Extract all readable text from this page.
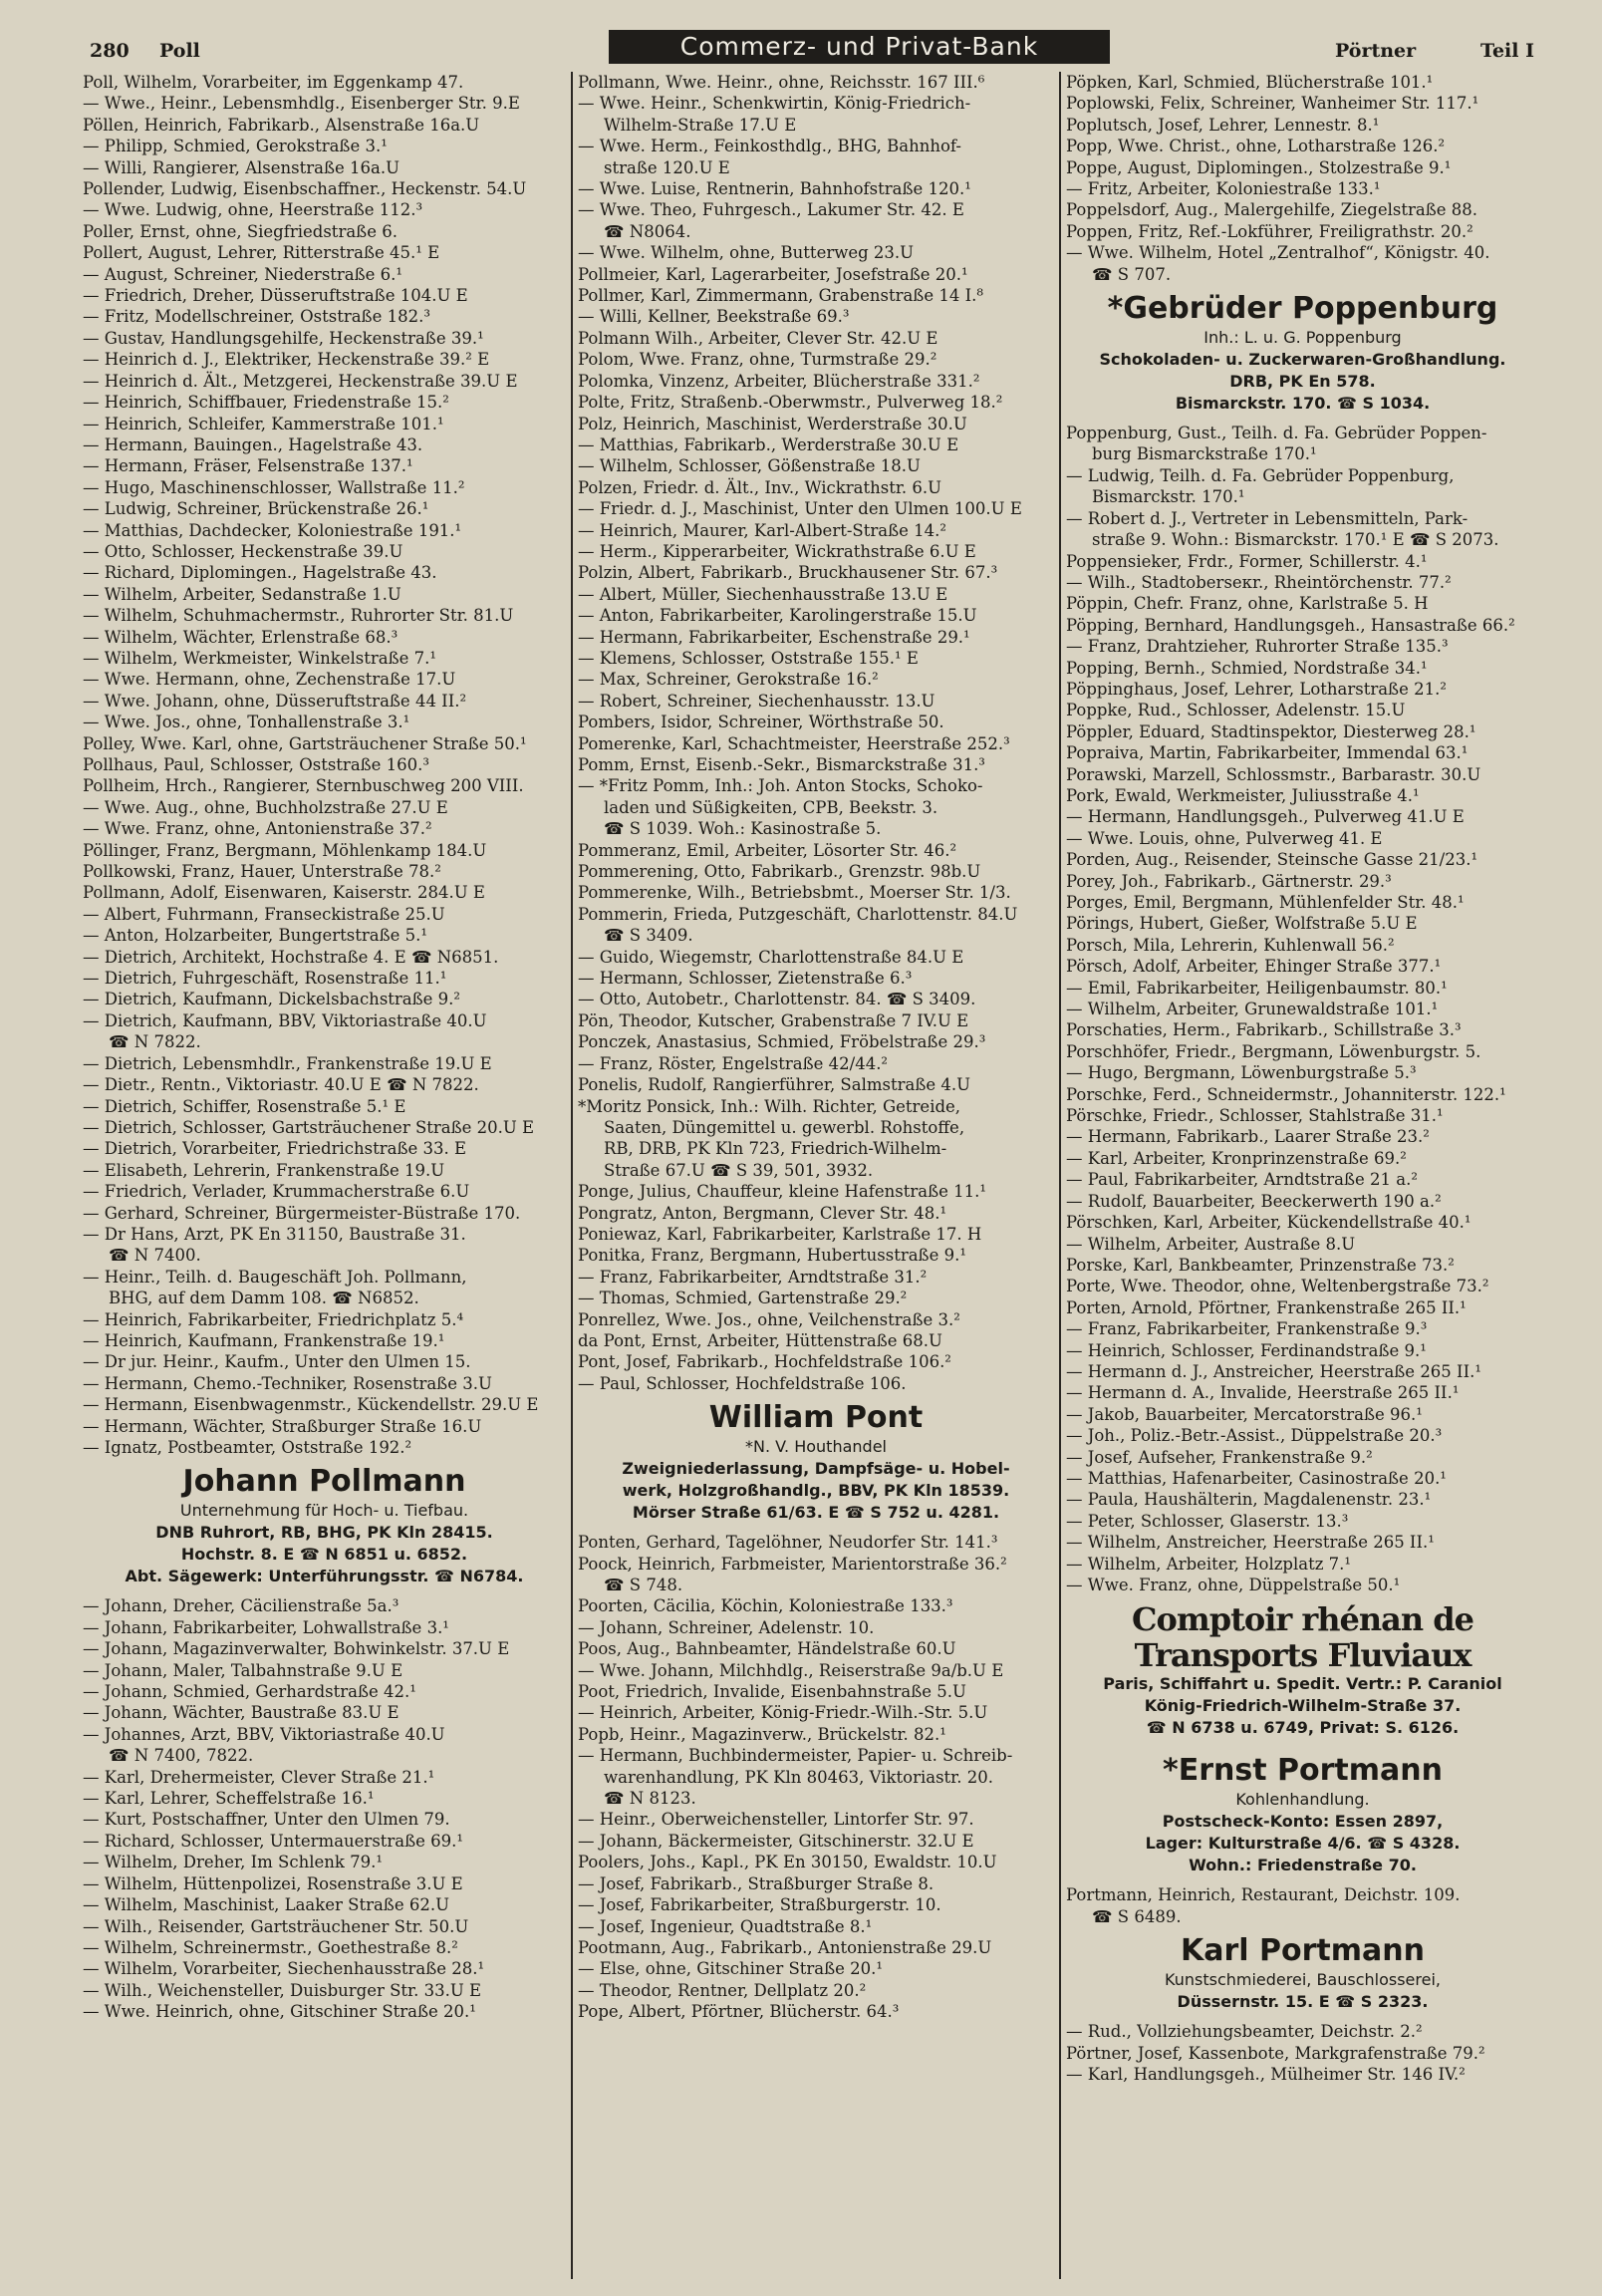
280 Poll	Commerz- und Privat-Bank	Pörtner	Teil I
Poll, Wilhelm, Vorarbeiter, im Eggenkamp 47.
— Wwe., Heinr., Lebensmhdlg., Eisenberger Str. 9.E
Pöllen, Heinrich, Fabrikarb., Alsenstraße 16a.U
— Philipp, Schmied, Gerokstraße 3.¹
— Willi, Rangierer, Alsenstraße 16a.U
Pollender, Ludwig, Eisenbschaffner., Heckenstr. 54.U
— Wwe. Ludwig, ohne, Heerstraße 112.³
Poller, Ernst, ohne, Siegfriedstraße 6.
Pollert, August, Lehrer, Ritterstraße 45.¹ E
— August, Schreiner, Niederstraße 6.¹
— Friedrich, Dreher, Düsseruftstraße 104.U E
— Fritz, Modellschreiner, Oststraße 182.³
— Gustav, Handlungsgehilfe, Heckenstraße 39.¹
— Heinrich d. J., Elektriker, Heckenstraße 39.² E
— Heinrich d. Ält., Metzgerei, Heckenstraße 39.U E
— Heinrich, Schiffbauer, Friedenstraße 15.²
— Heinrich, Schleifer, Kammerstraße 101.¹
— Hermann, Bauingen., Hagelstraße 43.
— Hermann, Fräser, Felsenstraße 137.¹
— Hugo, Maschinenschlosser, Wallstraße 11.²
— Ludwig, Schreiner, Brückenstraße 26.¹
— Matthias, Dachdecker, Koloniestraße 191.¹
— Otto, Schlosser, Heckenstraße 39.U
— Richard, Diplomingen., Hagelstraße 43.
— Wilhelm, Arbeiter, Sedanstraße 1.U
— Wilhelm, Schuhmachermstr., Ruhrorter Str. 81.U
— Wilhelm, Wächter, Erlenstraße 68.³
— Wilhelm, Werkmeister, Winkelstraße 7.¹
— Wwe. Hermann, ohne, Zechenstraße 17.U
— Wwe. Johann, ohne, Düsseruftstraße 44 II.²
— Wwe. Jos., ohne, Tonhallenstraße 3.¹
Polley, Wwe. Karl, ohne, Gartsträuchener Straße 50.¹
Pollhaus, Paul, Schlosser, Oststraße 160.³
Pollheim, Hrch., Rangierer, Sternbuschweg 200 VIII.
— Wwe. Aug., ohne, Buchholzstraße 27.U E
— Wwe. Franz, ohne, Antonienstraße 37.²
Pöllinger, Franz, Bergmann, Möhlenkamp 184.U
Pollkowski, Franz, Hauer, Unterstraße 78.²
Pollmann, Adolf, Eisenwaren, Kaiserstr. 284.U E
— Albert, Fuhrmann, Franseckistraße 25.U
— Anton, Holzarbeiter, Bungertstraße 5.¹
— Dietrich, Architekt, Hochstraße 4. E ☎ N6851.
— Dietrich, Fuhrgeschäft, Rosenstraße 11.¹
— Dietrich, Kaufmann, Dickelsbachstraße 9.²
— Dietrich, Kaufmann, BBV, Viktoriastraße 40.U
☎ N 7822.
— Dietrich, Lebensmhdlr., Frankenstraße 19.U E
— Dietr., Rentn., Viktoriastr. 40.U E ☎ N 7822.
— Dietrich, Schiffer, Rosenstraße 5.¹ E
— Dietrich, Schlosser, Gartsträuchener Straße 20.U E
— Dietrich, Vorarbeiter, Friedrichstraße 33. E
— Elisabeth, Lehrerin, Frankenstraße 19.U
— Friedrich, Verlader, Krummacherstraße 6.U
— Gerhard, Schreiner, Bürgermeister-Büstraße 170.
— Dr Hans, Arzt, PK En 31150, Baustraße 31.
☎ N 7400.
— Heinr., Teilh. d. Baugeschäft Joh. Pollmann,
BHG, auf dem Damm 108. ☎ N6852.
— Heinrich, Fabrikarbeiter, Friedrichplatz 5.⁴
— Heinrich, Kaufmann, Frankenstraße 19.¹
— Dr jur. Heinr., Kaufm., Unter den Ulmen 15.
— Hermann, Chemo.-Techniker, Rosenstraße 3.U
— Hermann, Eisenbwagenmstr., Kückendellstr. 29.U E
— Hermann, Wächter, Straßburger Straße 16.U
— Ignatz, Postbeamter, Oststraße 192.²
Johann Pollmann
Unternehmung für Hoch- u. Tiefbau.
DNB Ruhrort, RB, BHG, PK Kln 28415.
Hochstr. 8. E ☎ N 6851 u. 6852.
Abt. Sägewerk: Unterführungsstr. ☎ N6784.
— Johann, Dreher, Cäcilienstraße 5a.³
— Johann, Fabrikarbeiter, Lohwallstraße 3.¹
— Johann, Magazinverwalter, Bohwinkelstr. 37.U E
— Johann, Maler, Talbahnstraße 9.U E
— Johann, Schmied, Gerhardstraße 42.¹
— Johann, Wächter, Baustraße 83.U E
— Johannes, Arzt, BBV, Viktoriastraße 40.U
☎ N 7400, 7822.
— Karl, Drehermeister, Clever Straße 21.¹
— Karl, Lehrer, Scheffelstraße 16.¹
— Kurt, Postschaffner, Unter den Ulmen 79.
— Richard, Schlosser, Untermauerstraße 69.¹
— Wilhelm, Dreher, Im Schlenk 79.¹
— Wilhelm, Hüttenpolizei, Rosenstraße 3.U E
— Wilhelm, Maschinist, Laaker Straße 62.U
— Wilh., Reisender, Gartsträuchener Str. 50.U
— Wilhelm, Schreinermstr., Goethestraße 8.²
— Wilhelm, Vorarbeiter, Siechenhausstraße 28.¹
— Wilh., Weichensteller, Duisburger Str. 33.U E
— Wwe. Heinrich, ohne, Gitschiner Straße 20.¹
Pollmann, Wwe. Heinr., ohne, Reichsstr. 167 III.⁶
— Wwe. Heinr., Schenkwirtin, König-Friedrich-
Wilhelm-Straße 17.U E
— Wwe. Herm., Feinkosthdlg., BHG, Bahnhof-
straße 120.U E
— Wwe. Luise, Rentnerin, Bahnhofstraße 120.¹
— Wwe. Theo, Fuhrgesch., Lakumer Str. 42. E
☎ N8064.
— Wwe. Wilhelm, ohne, Butterweg 23.U
Pollmeier, Karl, Lagerarbeiter, Josefstraße 20.¹
Pollmer, Karl, Zimmermann, Grabenstraße 14 I.⁸
— Willi, Kellner, Beekstraße 69.³
Polmann Wilh., Arbeiter, Clever Str. 42.U E
Polom, Wwe. Franz, ohne, Turmstraße 29.²
Polomka, Vinzenz, Arbeiter, Blücherstraße 331.²
Polte, Fritz, Straßenb.-Oberwmstr., Pulverweg 18.²
Polz, Heinrich, Maschinist, Werderstraße 30.U
— Matthias, Fabrikarb., Werderstraße 30.U E
— Wilhelm, Schlosser, Gößenstraße 18.U
Polzen, Friedr. d. Ält., Inv., Wickrathstr. 6.U
— Friedr. d. J., Maschinist, Unter den Ulmen 100.U E
— Heinrich, Maurer, Karl-Albert-Straße 14.²
— Herm., Kipperarbeiter, Wickrathstraße 6.U E
Polzin, Albert, Fabrikarb., Bruckhausener Str. 67.³
— Albert, Müller, Siechenhausstraße 13.U E
— Anton, Fabrikarbeiter, Karolingerstraße 15.U
— Hermann, Fabrikarbeiter, Eschenstraße 29.¹
— Klemens, Schlosser, Oststraße 155.¹ E
— Max, Schreiner, Gerokstraße 16.²
— Robert, Schreiner, Siechenhausstr. 13.U
Pombers, Isidor, Schreiner, Wörthstraße 50.
Pomerenke, Karl, Schachtmeister, Heerstraße 252.³
Pomm, Ernst, Eisenb.-Sekr., Bismarckstraße 31.³
— *Fritz Pomm, Inh.: Joh. Anton Stocks, Schoko-
laden und Süßigkeiten, CPB, Beekstr. 3.
☎ S 1039. Woh.: Kasinostraße 5.
Pommeranz, Emil, Arbeiter, Lösorter Str. 46.²
Pommerening, Otto, Fabrikarb., Grenzstr. 98b.U
Pommerenke, Wilh., Betriebsbmt., Moerser Str. 1/3.
Pommerin, Frieda, Putzgeschäft, Charlottenstr. 84.U
☎ S 3409.
— Guido, Wiegemstr, Charlottenstraße 84.U E
— Hermann, Schlosser, Zietenstraße 6.³
— Otto, Autobetr., Charlottenstr. 84. ☎ S 3409.
Pön, Theodor, Kutscher, Grabenstraße 7 IV.U E
Ponczek, Anastasius, Schmied, Fröbelstraße 29.³
— Franz, Röster, Engelstraße 42/44.²
Ponelis, Rudolf, Rangierführer, Salmstraße 4.U
*Moritz Ponsick, Inh.: Wilh. Richter, Getreide,
Saaten, Düngemittel u. gewerbl. Rohstoffe,
RB, DRB, PK Kln 723, Friedrich-Wilhelm-
Straße 67.U ☎ S 39, 501, 3932.
Ponge, Julius, Chauffeur, kleine Hafenstraße 11.¹
Pongratz, Anton, Bergmann, Clever Str. 48.¹
Poniewaz, Karl, Fabrikarbeiter, Karlstraße 17. H
Ponitka, Franz, Bergmann, Hubertusstraße 9.¹
— Franz, Fabrikarbeiter, Arndtstraße 31.²
— Thomas, Schmied, Gartenstraße 29.²
Ponrellez, Wwe. Jos., ohne, Veilchenstraße 3.²
da Pont, Ernst, Arbeiter, Hüttenstraße 68.U
Pont, Josef, Fabrikarb., Hochfeldstraße 106.²
— Paul, Schlosser, Hochfeldstraße 106.
William Pont
*N. V. Houthandel
Zweigniederlassung, Dampfsäge- u. Hobel-
werk, Holzgroßhandlg., BBV, PK Kln 18539.
Mörser Straße 61/63. E ☎ S 752 u. 4281.
Ponten, Gerhard, Tagelöhner, Neudorfer Str. 141.³
Poock, Heinrich, Farbmeister, Marientorstraße 36.²
☎ S 748.
Poorten, Cäcilia, Köchin, Koloniestraße 133.³
— Johann, Schreiner, Adelenstr. 10.
Poos, Aug., Bahnbeamter, Händelstraße 60.U
— Wwe. Johann, Milchhdlg., Reiserstraße 9a/b.U E
Poot, Friedrich, Invalide, Eisenbahnstraße 5.U
— Heinrich, Arbeiter, König-Friedr.-Wilh.-Str. 5.U
Popb, Heinr., Magazinverw., Brückelstr. 82.¹
— Hermann, Buchbindermeister, Papier- u. Schreib-
warenhandlung, PK Kln 80463, Viktoriastr. 20.
☎ N 8123.
— Heinr., Oberweichensteller, Lintorfer Str. 97.
— Johann, Bäckermeister, Gitschinerstr. 32.U E
Poolers, Johs., Kapl., PK En 30150, Ewaldstr. 10.U
— Josef, Fabrikarb., Straßburger Straße 8.
— Josef, Fabrikarbeiter, Straßburgerstr. 10.
— Josef, Ingenieur, Quadtstraße 8.¹
Pootmann, Aug., Fabrikarb., Antonienstraße 29.U
— Else, ohne, Gitschiner Straße 20.¹
— Theodor, Rentner, Dellplatz 20.²
Pope, Albert, Pförtner, Blücherstr. 64.³
Pöpken, Karl, Schmied, Blücherstraße 101.¹
Poplowski, Felix, Schreiner, Wanheimer Str. 117.¹
Poplutsch, Josef, Lehrer, Lennestr. 8.¹
Popp, Wwe. Christ., ohne, Lotharstraße 126.²
Poppe, August, Diplomingen., Stolzestraße 9.¹
— Fritz, Arbeiter, Koloniestraße 133.¹
Poppelsdorf, Aug., Malergehilfe, Ziegelstraße 88.
Poppen, Fritz, Ref.-Lokführer, Freiligrathstr. 20.²
— Wwe. Wilhelm, Hotel „Zentralhof“, Königstr. 40.
☎ S 707.
*Gebrüder Poppenburg
Inh.: L. u. G. Poppenburg
Schokoladen- u. Zuckerwaren-Großhandlung.
DRB, PK En 578.
Bismarckstr. 170. ☎ S 1034.
Poppenburg, Gust., Teilh. d. Fa. Gebrüder Poppen-
burg Bismarckstraße 170.¹
— Ludwig, Teilh. d. Fa. Gebrüder Poppenburg,
Bismarckstr. 170.¹
— Robert d. J., Vertreter in Lebensmitteln, Park-
straße 9. Wohn.: Bismarckstr. 170.¹ E ☎ S 2073.
Poppensieker, Frdr., Former, Schillerstr. 4.¹
— Wilh., Stadtoberseкr., Rheintörchenstr. 77.²
Pöppin, Chefr. Franz, ohne, Karlstraße 5. H
Pöpping, Bernhard, Handlungsgeh., Hansastraße 66.²
— Franz, Drahtzieher, Ruhrorter Straße 135.³
Popping, Bernh., Schmied, Nordstraße 34.¹
Pöppinghaus, Josef, Lehrer, Lotharstraße 21.²
Poppke, Rud., Schlosser, Adelenstr. 15.U
Pöppler, Eduard, Stadtinspektor, Diesterweg 28.¹
Popraiva, Martin, Fabrikarbeiter, Immendal 63.¹
Porawski, Marzell, Schlossmstr., Barbarastr. 30.U
Pork, Ewald, Werkmeister, Juliusstraße 4.¹
— Hermann, Handlungsgeh., Pulverweg 41.U E
— Wwe. Louis, ohne, Pulverweg 41. E
Porden, Aug., Reisender, Steinsche Gasse 21/23.¹
Porey, Joh., Fabrikarb., Gärtnerstr. 29.³
Porges, Emil, Bergmann, Mühlenfelder Str. 48.¹
Pörings, Hubert, Gießer, Wolfstraße 5.U E
Porsch, Mila, Lehrerin, Kuhlenwall 56.²
Pörsch, Adolf, Arbeiter, Ehinger Straße 377.¹
— Emil, Fabrikarbeiter, Heiligenbaumstr. 80.¹
— Wilhelm, Arbeiter, Grunewaldstraße 101.¹
Porschaties, Herm., Fabrikarb., Schillstraße 3.³
Porschhöfer, Friedr., Bergmann, Löwenburgstr. 5.
— Hugo, Bergmann, Löwenburgstraße 5.³
Porschke, Ferd., Schneidermstr., Johanniterstr. 122.¹
Pörschke, Friedr., Schlosser, Stahlstraße 31.¹
— Hermann, Fabrikarb., Laarer Straße 23.²
— Karl, Arbeiter, Kronprinzenstraße 69.²
— Paul, Fabrikarbeiter, Arndtstraße 21 a.²
— Rudolf, Bauarbeiter, Beeckerwerth 190 a.²
Pörschken, Karl, Arbeiter, Kückendellstraße 40.¹
— Wilhelm, Arbeiter, Austraße 8.U
Porske, Karl, Bankbeamter, Prinzenstraße 73.²
Porte, Wwe. Theodor, ohne, Weltenbergstraße 73.²
Porten, Arnold, Pförtner, Frankenstraße 265 II.¹
— Franz, Fabrikarbeiter, Frankenstraße 9.³
— Heinrich, Schlosser, Ferdinandstraße 9.¹
— Hermann d. J., Anstreicher, Heerstraße 265 II.¹
— Hermann d. A., Invalide, Heerstraße 265 II.¹
— Jakob, Bauarbeiter, Mercatorstraße 96.¹
— Joh., Poliz.-Betr.-Assist., Düppelstraße 20.³
— Josef, Aufseher, Frankenstraße 9.²
— Matthias, Hafenarbeiter, Casinostraße 20.¹
— Paula, Haushälterin, Magdalenenstr. 23.¹
— Peter, Schlosser, Glaserstr. 13.³
— Wilhelm, Anstreicher, Heerstraße 265 II.¹
— Wilhelm, Arbeiter, Holzplatz 7.¹
— Wwe. Franz, ohne, Düppelstraße 50.¹
Comptoir rhénan de Transports Fluviaux
Paris, Schiffahrt u. Spedit. Vertr.: P. Caraniol
König-Friedrich-Wilhelm-Straße 37.
☎ N 6738 u. 6749, Privat: S. 6126.
*Ernst Portmann
Kohlenhandlung.
Postscheck-Konto: Essen 2897,
Lager: Kulturstraße 4/6. ☎ S 4328.
Wohn.: Friedenstraße 70.
Portmann, Heinrich, Restaurant, Deichstr. 109.
☎ S 6489.
Karl Portmann
Kunstschmiederei, Bauschlosserei,
Düssernstr. 15. E ☎ S 2323.
— Rud., Vollziehungsbeamter, Deichstr. 2.²
Pörtner, Josef, Kassenbote, Markgrafenstraße 79.²
— Karl, Handlungsgeh., Mülheimer Str. 146 IV.²
